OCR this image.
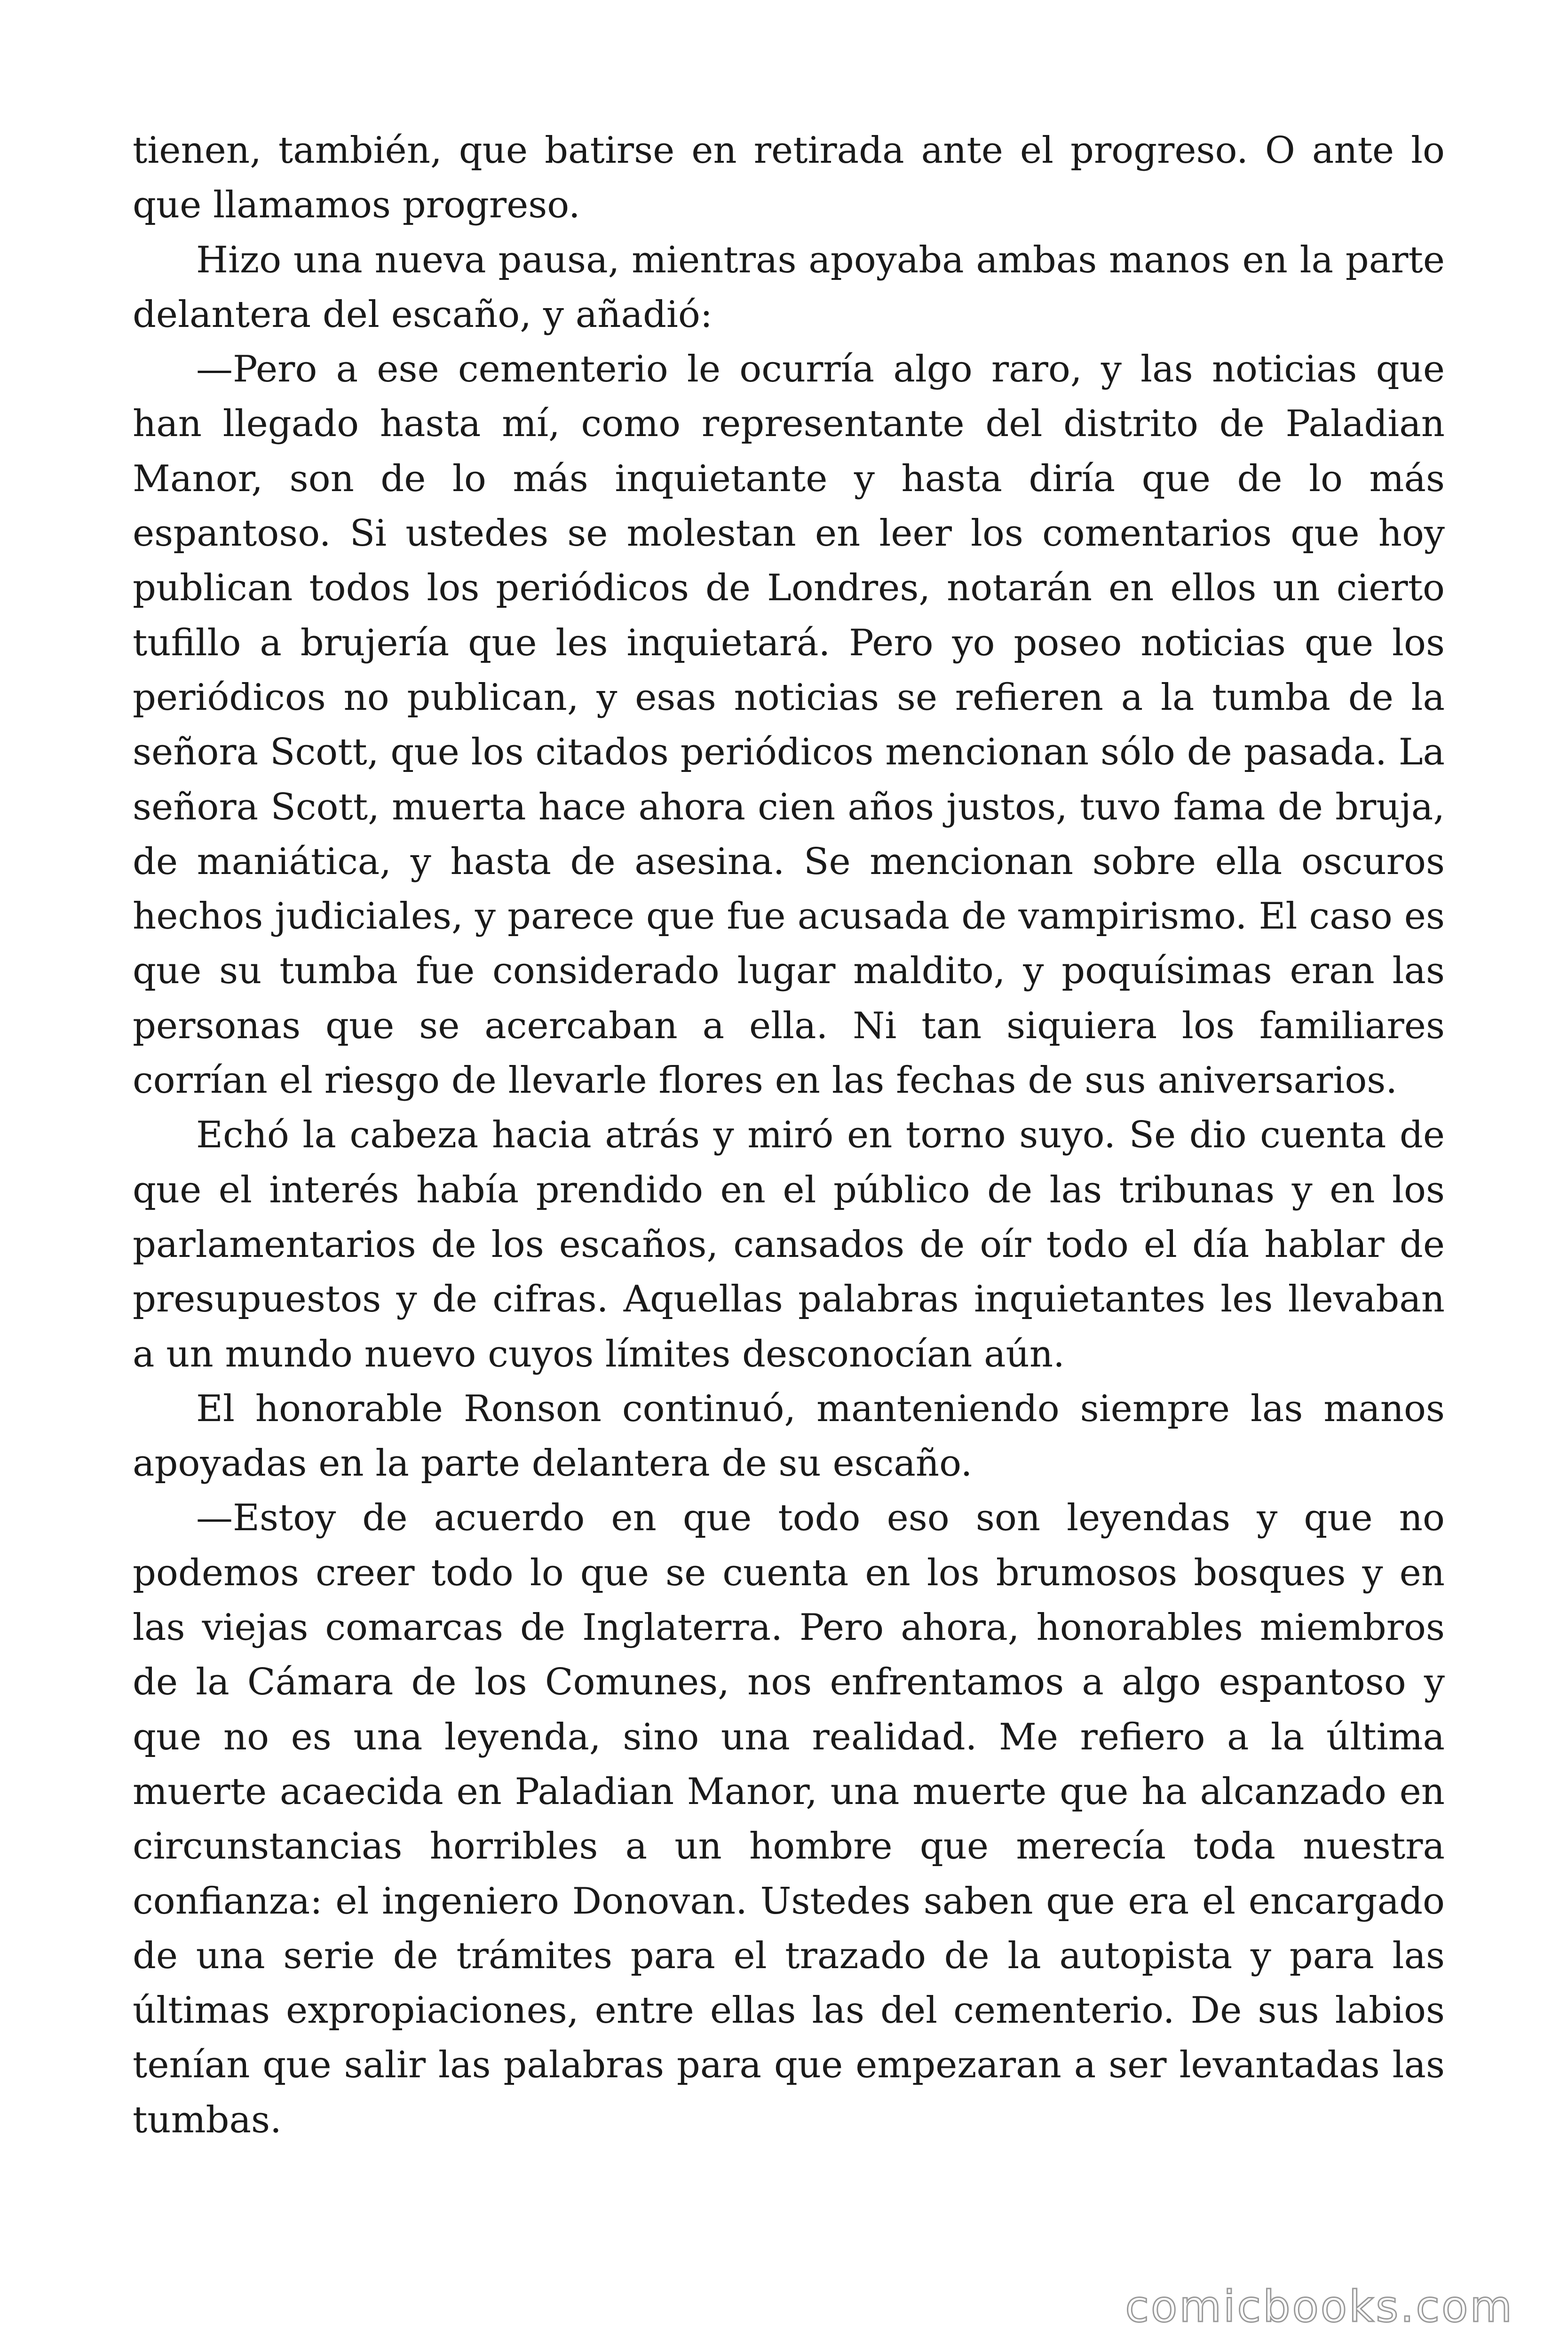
tienen, también, que batirse en retirada ante el progreso. O ante lo que llamamos progreso.

Hizo una nueva pausa, mientras apoyaba ambas manos en la parte delantera del escaño, y añadió:

—Pero a ese cementerio le ocurría algo raro, y las noticias que han llegado hasta mí, como representante del distrito de Paladian Manor, son de lo más inquietante y hasta diría que de lo más espantoso. Si ustedes se molestan en leer los comentarios que hoy publican todos los periódicos de Londres, notarán en ellos un cierto tufillo a brujería que les inquietará. Pero yo poseo noticias que los periódicos no publican, y esas noticias se refieren a la tumba de la señora Scott, que los citados periódicos mencionan sólo de pasada. La señora Scott, muerta hace ahora cien años justos, tuvo fama de bruja, de maniática, y hasta de asesina. Se mencionan sobre ella oscuros hechos judiciales, y parece que fue acusada de vampirismo. El caso es que su tumba fue considerado lugar maldito, y poquísimas eran las personas que se acercaban a ella. Ni tan siquiera los familiares corrían el riesgo de llevarle flores en las fechas de sus aniversarios.

Echó la cabeza hacia atrás y miró en torno suyo. Se dio cuenta de que el interés había prendido en el público de las tribunas y en los parlamentarios de los escaños, cansados de oír todo el día hablar de presupuestos y de cifras. Aquellas palabras inquietantes les llevaban a un mundo nuevo cuyos límites desconocían aún.

El honorable Ronson continuó, manteniendo siempre las manos apoyadas en la parte delantera de su escaño.

—Estoy de acuerdo en que todo eso son leyendas y que no podemos creer todo lo que se cuenta en los brumosos bosques y en las viejas comarcas de Inglaterra. Pero ahora, honorables miembros de la Cámara de los Comunes, nos enfrentamos a algo espantoso y que no es una leyenda, sino una realidad. Me refiero a la última muerte acaecida en Paladian Manor, una muerte que ha alcanzado en circunstancias horribles a un hombre que merecía toda nuestra confianza: el ingeniero Donovan. Ustedes saben que era el encargado de una serie de trámites para el trazado de la autopista y para las últimas expropiaciones, entre ellas las del cementerio. De sus labios tenían que salir las palabras para que empezaran a ser levantadas las tumbas.

comicbooks.com
